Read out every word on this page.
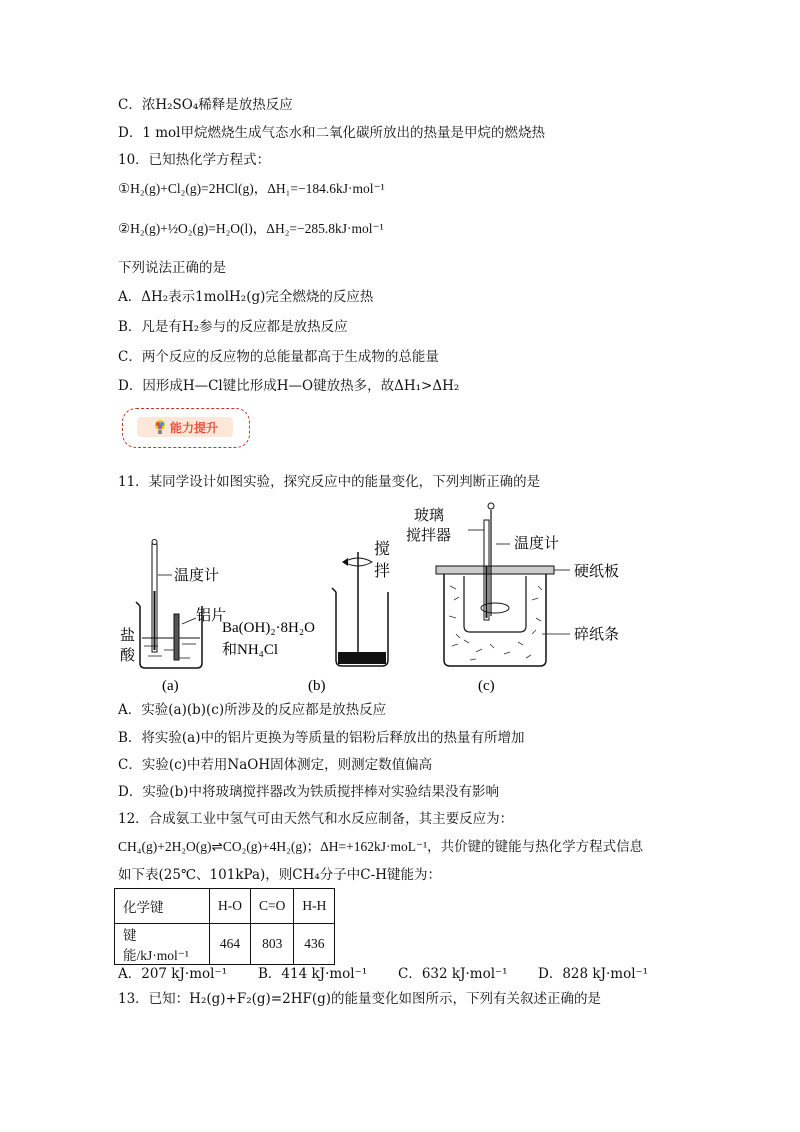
C．浓H₂SO₄稀释是放热反应
D．1 mol甲烷燃烧生成气态水和二氧化碳所放出的热量是甲烷的燃烧热
10．已知热化学方程式：
①H₂(g)+Cl₂(g)=2HCl(g)，ΔH₁=−184.6kJ·mol⁻¹
②H₂(g)+½O₂(g)=H₂O(l)，ΔH₂=−285.8kJ·mol⁻¹
下列说法正确的是
A．ΔH₂表示1molH₂(g)完全燃烧的反应热
B．凡是有H₂参与的反应都是放热反应
C．两个反应的反应物的总能量都高于生成物的总能量
D．因形成H—Cl键比形成H—O键放热多，故ΔH₁>ΔH₂
能力提升
11．某同学设计如图实验，探究反应中的能量变化，下列判断正确的是
温度计
铝片
盐
酸
(a)
搅
拌
Ba(OH)₂·8H₂O
和NH₄Cl
(b)
玻璃
搅拌器	温度计
硬纸板
碎纸条
(c)
A．实验(a)(b)(c)所涉及的反应都是放热反应
B．将实验(a)中的铝片更换为等质量的铝粉后释放出的热量有所增加
C．实验(c)中若用NaOH固体测定，则测定数值偏高
D．实验(b)中将玻璃搅拌器改为铁质搅拌棒对实验结果没有影响
12．合成氨工业中氢气可由天然气和水反应制备，其主要反应为：
CH₄(g)+2H₂O(g)⇌CO₂(g)+4H₂(g)；ΔH=+162kJ·moL⁻¹，共价键的键能与热化学方程式信息
如下表(25℃、101kPa)，则CH₄分子中C-H键能为：
化学键	H-O	C=O	H-H
键能/kJ·mol⁻¹	464	803	436
A．207 kJ·mol⁻¹ B．414 kJ·mol⁻¹ C．632 kJ·mol⁻¹ D．828 kJ·mol⁻¹
13．已知：H₂(g)+F₂(g)=2HF(g)的能量变化如图所示，下列有关叙述正确的是
